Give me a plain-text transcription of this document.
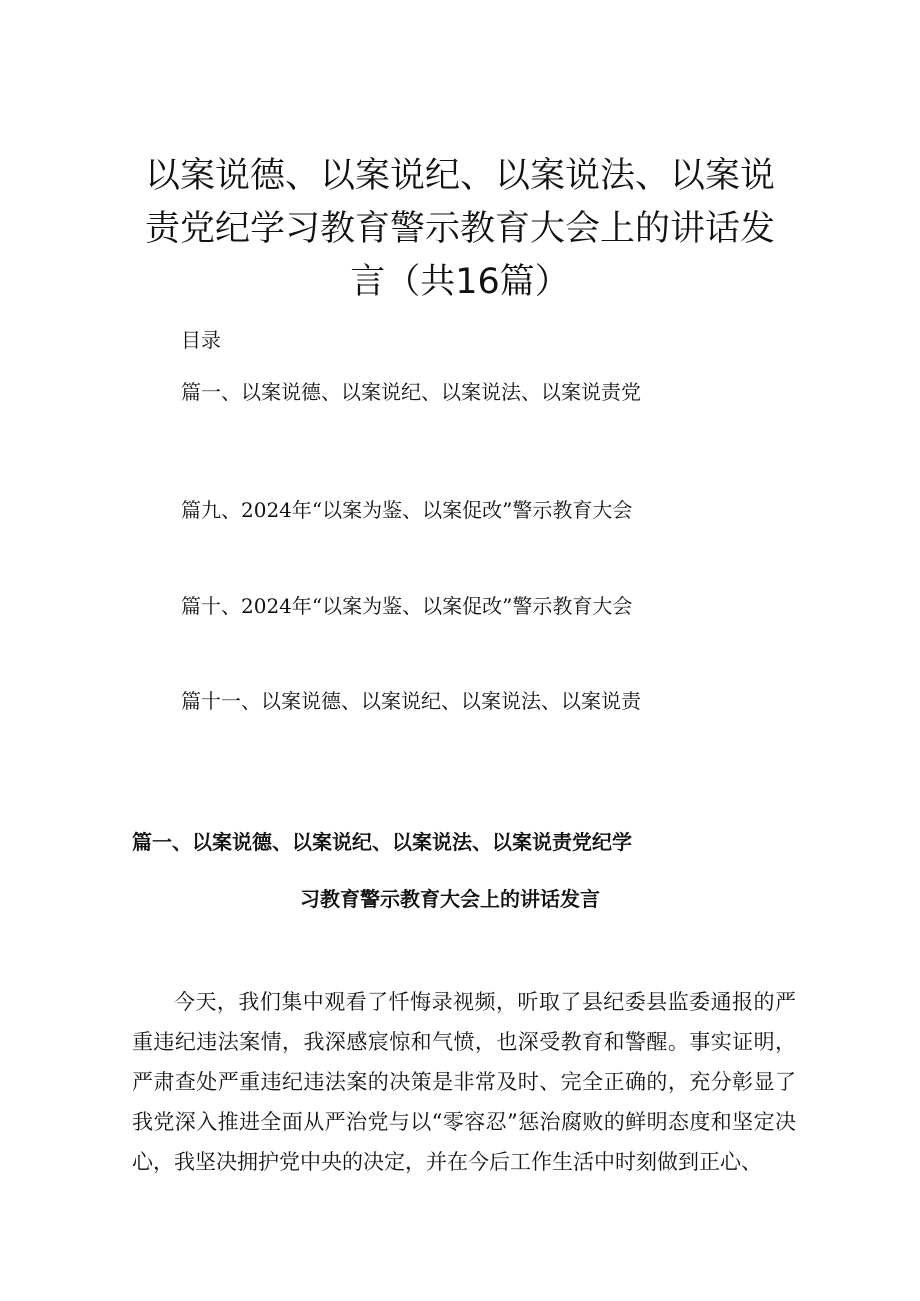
以案说德、以案说纪、以案说法、以案说
责党纪学习教育警示教育大会上的讲话发
言（共16篇）
目录
篇一、以案说德、以案说纪、以案说法、以案说责党
篇九、2024年“以案为鉴、以案促改”警示教育大会
篇十、2024年“以案为鉴、以案促改”警示教育大会
篇十一、以案说德、以案说纪、以案说法、以案说责
篇一、以案说德、以案说纪、以案说法、以案说责党纪学
习教育警示教育大会上的讲话发言

今天，我们集中观看了忏悔录视频，听取了县纪委县监委通报的严重违纪违法案情，我深感宸惊和气愤，也深受教育和警醒。事实证明，严肃查处严重违纪违法案的决策是非常及时、完全正确的，充分彰显了我党深入推进全面从严治党与以“零容忍”惩治腐败的鲜明态度和坚定决心，我坚决拥护党中央的决定，并在今后工作生活中时刻做到正心、
